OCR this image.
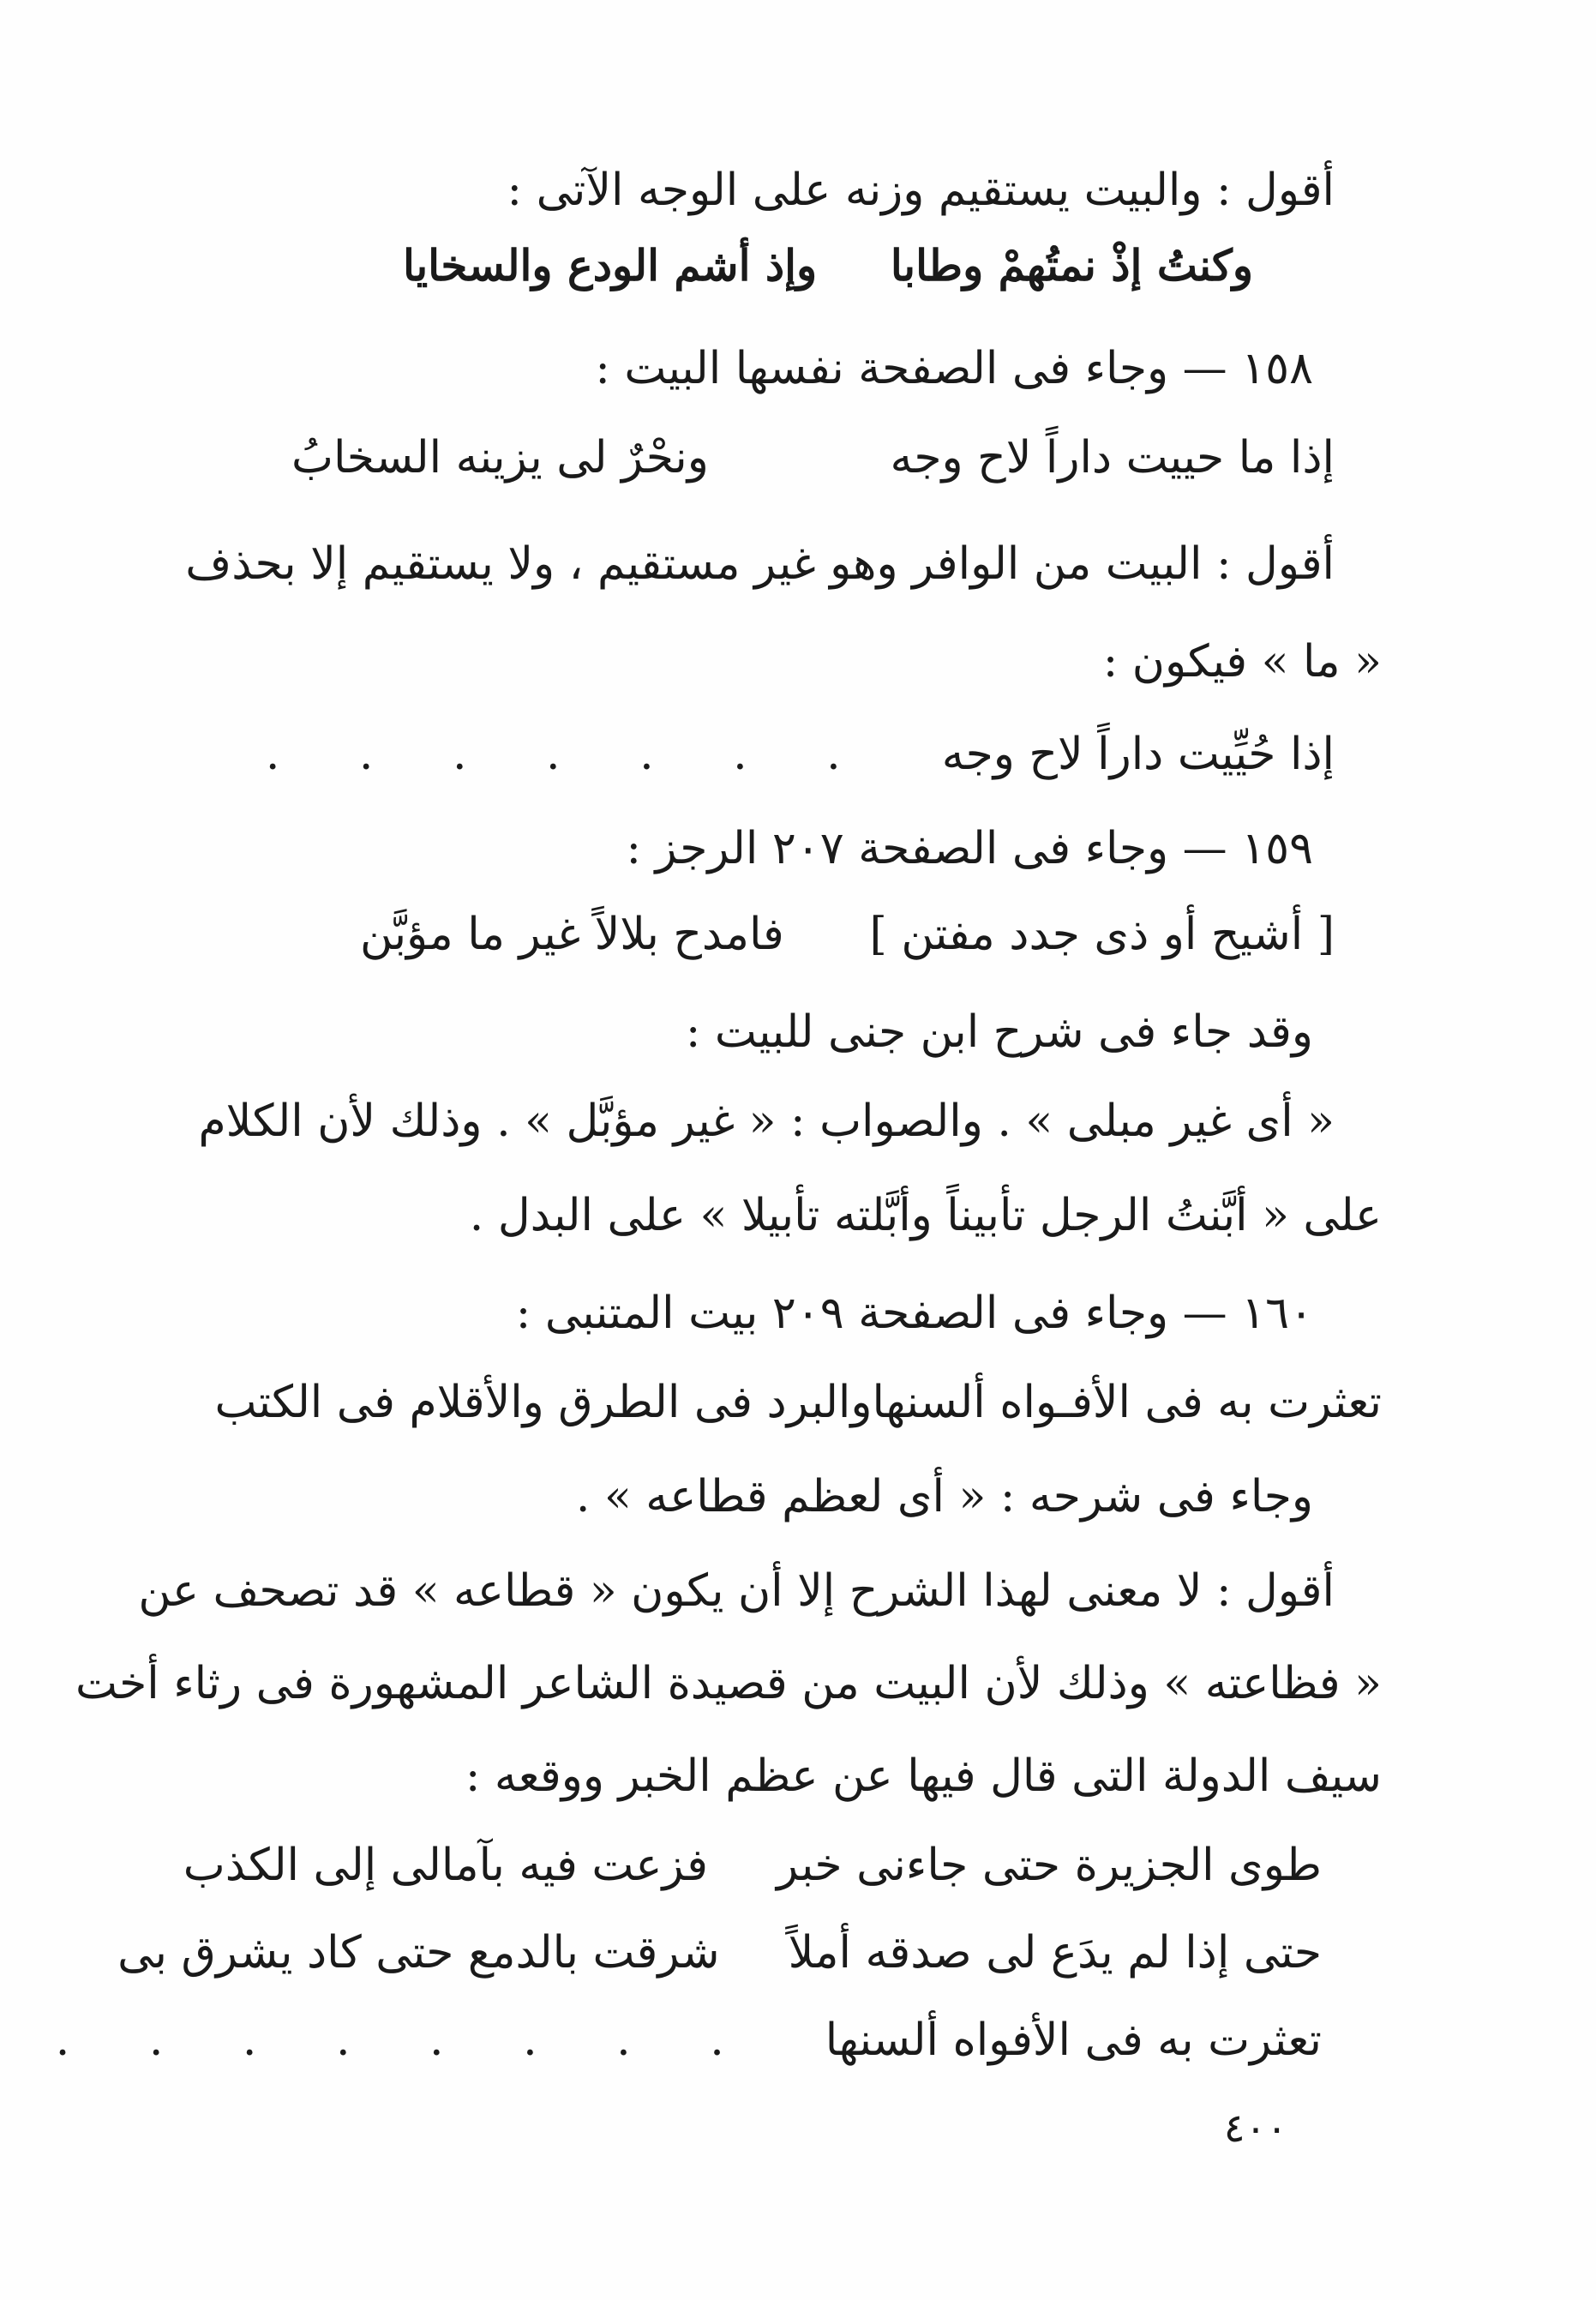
أقول : والبيت يستقيم وزنه على الوجه الآتى :
وكنتُ إذْ نمتُهمْ وطابا
وإذ أشم الودع والسخايا
١٥٨ — وجاء فى الصفحة نفسها البيت :
إذا ما حييت داراً لاح وجه
ونحْرٌ لى يزينه السخابُ
أقول : البيت من الوافر وهو غير مستقيم ، ولا يستقيم إلا بحذف
« ما » فيكون :
إذا حُيِّيت داراً لاح وجه
. . . . . . .
١٥٩ — وجاء فى الصفحة ٢٠٧ الرجز :
[ أشيح أو ذى جدد مفتن ]
فامدح بلالاً غير ما مؤبَّن
وقد جاء فى شرح ابن جنى للبيت :
« أى غير مبلى » . والصواب : « غير مؤبَّل » . وذلك لأن الكلام
على « أبَّنتُ الرجل تأبيناً وأبَّلته تأبيلا » على البدل .
١٦٠ — وجاء فى الصفحة ٢٠٩ بيت المتنبى :
تعثرت به فى الأفـواه ألسنها
والبرد فى الطرق والأقلام فى الكتب
وجاء فى شرحه : « أى لعظم قطاعه » .
أقول : لا معنى لهذا الشرح إلا أن يكون « قطاعه » قد تصحف عن
« فظاعته » وذلك لأن البيت من قصيدة الشاعر المشهورة فى رثاء أخت
سيف الدولة التى قال فيها عن عظم الخبر ووقعه :
طوى الجزيرة حتى جاءنى خبر
فزعت فيه بآمالى إلى الكذب
حتى إذا لم يدَع لى صدقه أملاً
شرقت بالدمع حتى كاد يشرق بى
تعثرت به فى الأفواه ألسنها
. . . . . . . .
٤٠٠
